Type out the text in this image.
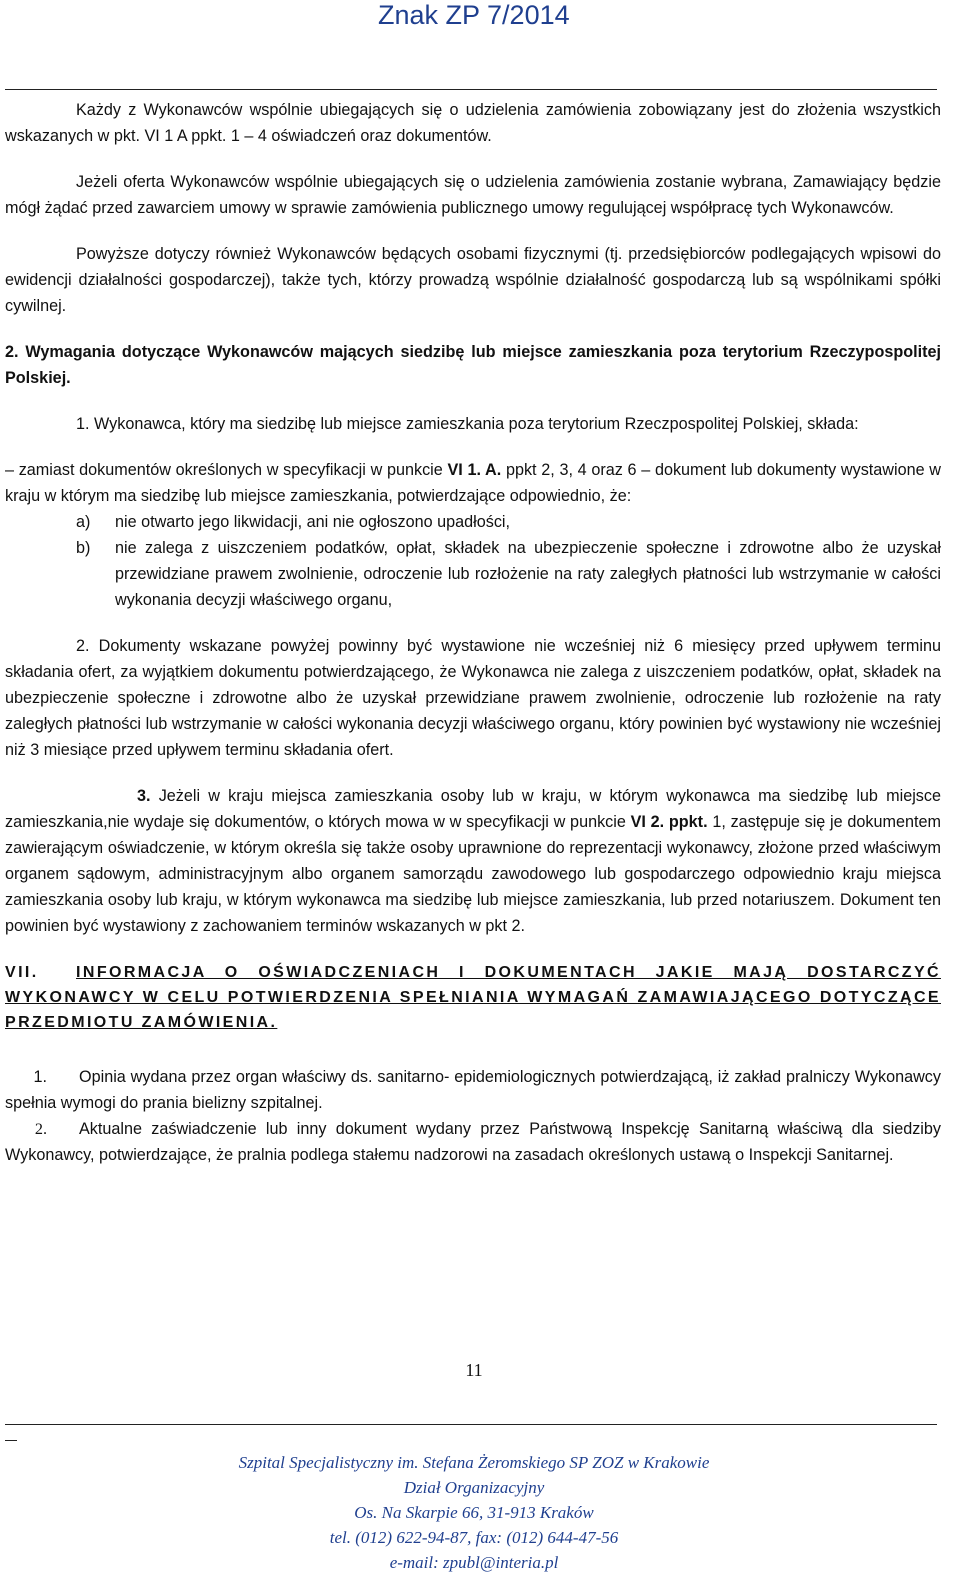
Znak ZP 7/2014

Każdy z Wykonawców wspólnie ubiegających się o udzielenia zamówienia zobowiązany jest do złożenia wszystkich wskazanych w pkt. VI 1 A ppkt. 1 – 4 oświadczeń oraz dokumentów.

Jeżeli oferta Wykonawców wspólnie ubiegających się o udzielenia zamówienia zostanie wybrana, Zamawiający będzie mógł żądać przed zawarciem umowy w sprawie zamówienia publicznego umowy regulującej współpracę tych Wykonawców.

Powyższe dotyczy również Wykonawców będących osobami fizycznymi (tj. przedsiębiorców podlegających wpisowi do ewidencji działalności gospodarczej), także tych, którzy prowadzą wspólnie działalność gospodarczą lub są wspólnikami spółki cywilnej.

2. Wymagania dotyczące Wykonawców mających siedzibę lub miejsce zamieszkania poza terytorium Rzeczypospolitej Polskiej.

1. Wykonawca, który ma siedzibę lub miejsce zamieszkania poza terytorium Rzeczpospolitej Polskiej, składa:

– zamiast dokumentów określonych w specyfikacji w punkcie VI 1. A. ppkt 2, 3, 4 oraz 6 – dokument lub dokumenty wystawione w kraju w którym ma siedzibę lub miejsce zamieszkania, potwierdzające odpowiednio, że:

a) nie otwarto jego likwidacji, ani nie ogłoszono upadłości,
b) nie zalega z uiszczeniem podatków, opłat, składek na ubezpieczenie społeczne i zdrowotne albo że uzyskał przewidziane prawem zwolnienie, odroczenie lub rozłożenie na raty zaległych płatności lub wstrzymanie w całości wykonania decyzji właściwego organu,

2. Dokumenty wskazane powyżej powinny być wystawione nie wcześniej niż 6 miesięcy przed upływem terminu składania ofert, za wyjątkiem dokumentu potwierdzającego, że Wykonawca nie zalega z uiszczeniem podatków, opłat, składek na ubezpieczenie społeczne i zdrowotne albo że uzyskał przewidziane prawem zwolnienie, odroczenie lub rozłożenie na raty zaległych płatności lub wstrzymanie w całości wykonania decyzji właściwego organu, który powinien być wystawiony nie wcześniej niż 3 miesiące przed upływem terminu składania ofert.

3. Jeżeli w kraju miejsca zamieszkania osoby lub w kraju, w którym wykonawca ma siedzibę lub miejsce zamieszkania,nie wydaje się dokumentów, o których mowa w w specyfikacji w punkcie VI 2. ppkt. 1, zastępuje się je dokumentem zawierającym oświadczenie, w którym określa się także osoby uprawnione do reprezentacji wykonawcy, złożone przed właściwym organem sądowym, administracyjnym albo organem samorządu zawodowego lub gospodarczego odpowiednio kraju miejsca zamieszkania osoby lub kraju, w którym wykonawca ma siedzibę lub miejsce zamieszkania, lub przed notariuszem. Dokument ten powinien być wystawiony z zachowaniem terminów wskazanych w pkt 2.

VII. INFORMACJA O OŚWIADCZENIACH I DOKUMENTACH JAKIE MAJĄ DOSTARCZYĆ WYKONAWCY W CELU POTWIERDZENIA SPEŁNIANIA WYMAGAŃ ZAMAWIAJĄCEGO DOTYCZĄCE PRZEDMIOTU ZAMÓWIENIA.

1. Opinia wydana przez organ właściwy ds. sanitarno- epidemiologicznych potwierdzającą, iż zakład pralniczy Wykonawcy spełnia wymogi do prania bielizny szpitalnej.

2. Aktualne zaświadczenie lub inny dokument wydany przez Państwową Inspekcję Sanitarną właściwą dla siedziby Wykonawcy, potwierdzające, że pralnia podlega stałemu nadzorowi na zasadach określonych ustawą o Inspekcji Sanitarnej.

11
Szpital Specjalistyczny im. Stefana Żeromskiego SP ZOZ w Krakowie
Dział Organizacyjny
Os. Na Skarpie 66, 31-913 Kraków
tel. (012) 622-94-87, fax: (012) 644-47-56
e-mail: zpubl@interia.pl
